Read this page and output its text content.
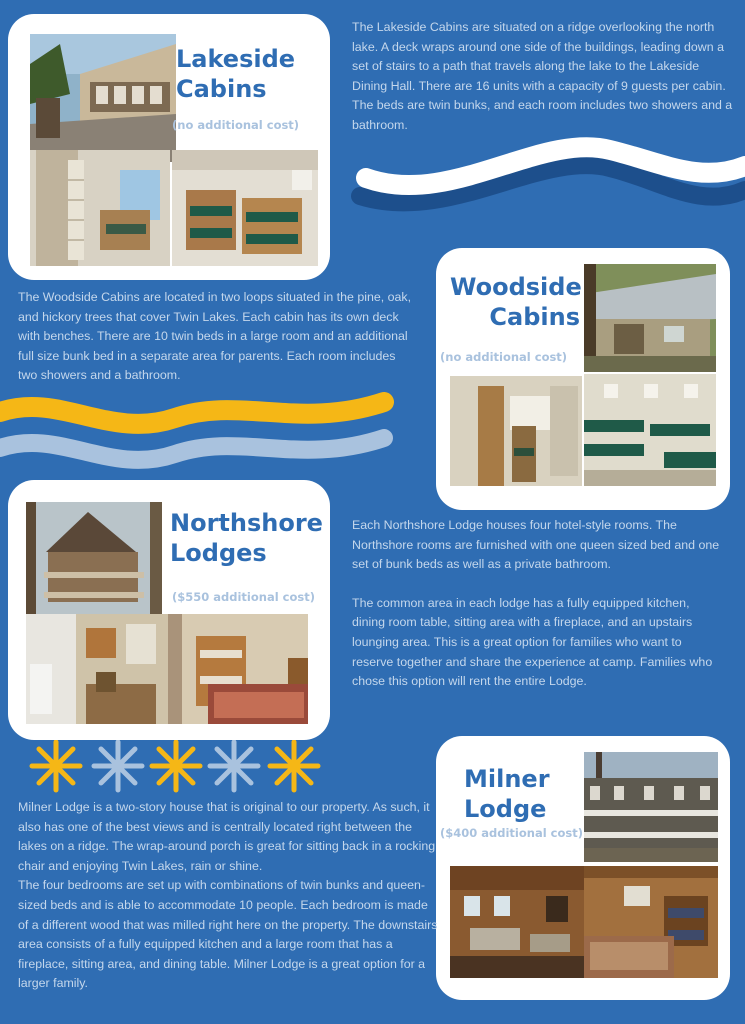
Lakeside
Cabins
(no additional cost)
The Lakeside Cabins are situated on a ridge overlooking the north lake. A deck wraps around one side of the buildings, leading down a set of stairs to a path that travels along the lake to the Lakeside Dining Hall. There are 16 units with a capacity of 9 guests per cabin. The beds are twin bunks, and each room includes two showers and a bathroom.
Woodside
Cabins
(no additional cost)
The Woodside Cabins are located in two loops situated in the pine, oak, and hickory trees that cover Twin Lakes. Each cabin has its own deck with benches. There are 10 twin beds in a large room and an additional full size bunk bed in a separate area for parents. Each room includes two showers and a bathroom.
Northshore
Lodges
($550 additional cost)

Each Northshore Lodge houses four hotel-style rooms. The Northshore rooms are furnished with one queen sized bed and one set of bunk beds as well as a private bathroom.

The common area in each lodge has a fully equipped kitchen, dining room table, sitting area with a fireplace, and an upstairs lounging area. This is a great option for families who want to reserve together and share the experience at camp. Families who chose this option will rent the entire Lodge.

Milner
Lodge
($400 additional cost)

Milner Lodge is a two-story house that is original to our property. As such, it also has one of the best views and is centrally located right between the lakes on a ridge. The wrap-around porch is great for sitting back in a rocking chair and enjoying Twin Lakes, rain or shine.

The four bedrooms are set up with combinations of twin bunks and queen-sized beds and is able to accommodate 10 people. Each bedroom is made of a different wood that was milled right here on the property. The downstairs area consists of a fully equipped kitchen and a large room that has a fireplace, sitting area, and dining table. Milner Lodge is a great option for a larger family.
